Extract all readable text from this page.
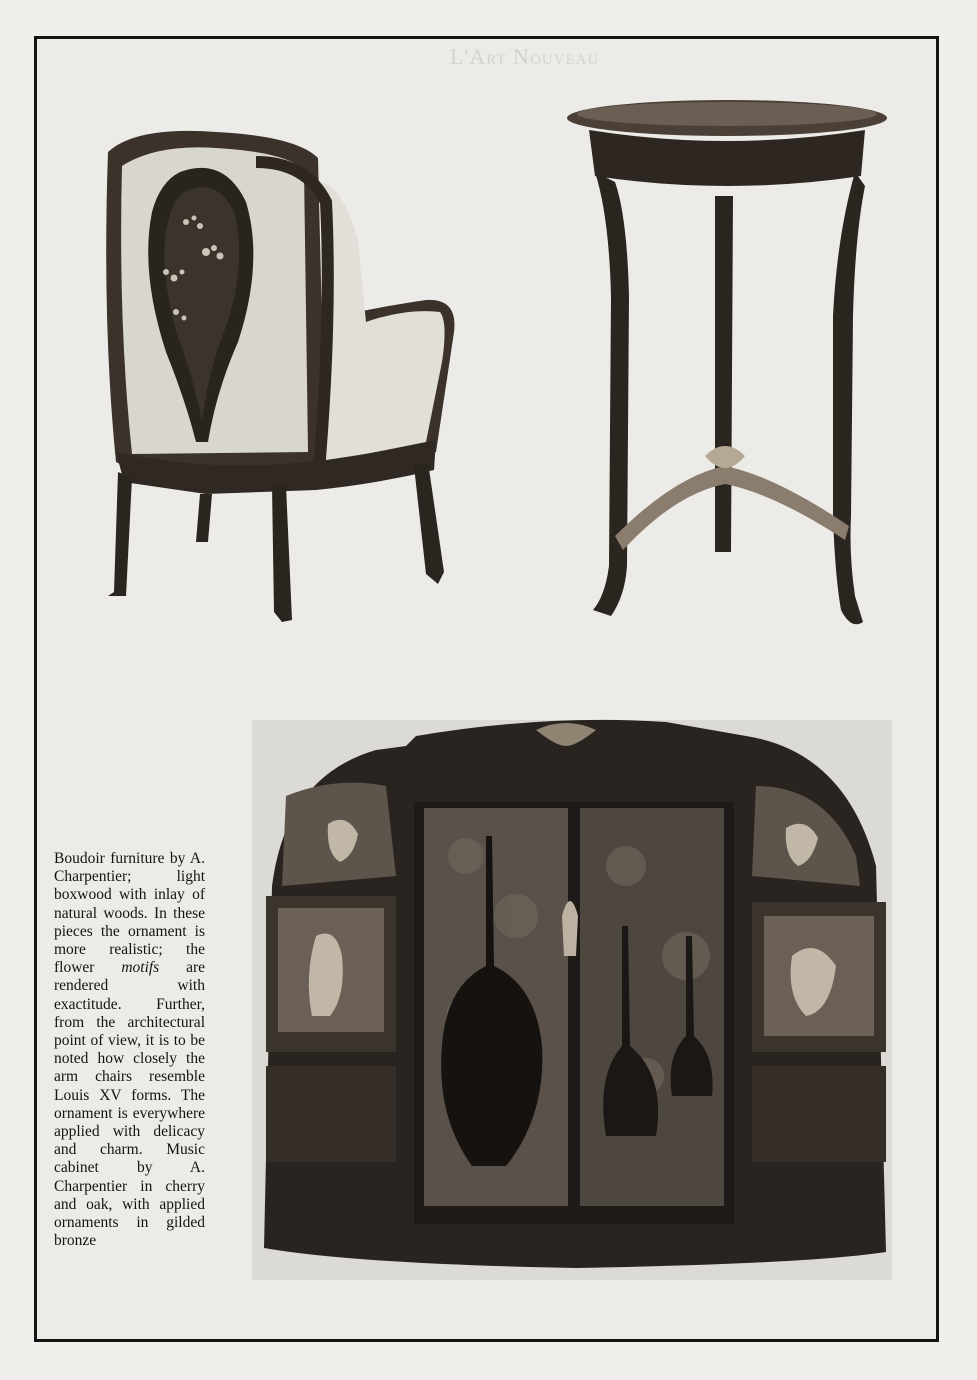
L'Art Nouveau
Boudoir furniture by A. Charpentier; light boxwood with inlay of natural woods. In these pieces the ornament is more realistic; the flower motifs are rendered with exactitude. Further, from the architectural point of view, it is to be noted how closely the arm chairs resemble Louis XV forms. The ornament is everywhere applied with delicacy and charm. Music cabinet by A. Charpentier in cherry and oak, with applied ornaments in gilded bronze
